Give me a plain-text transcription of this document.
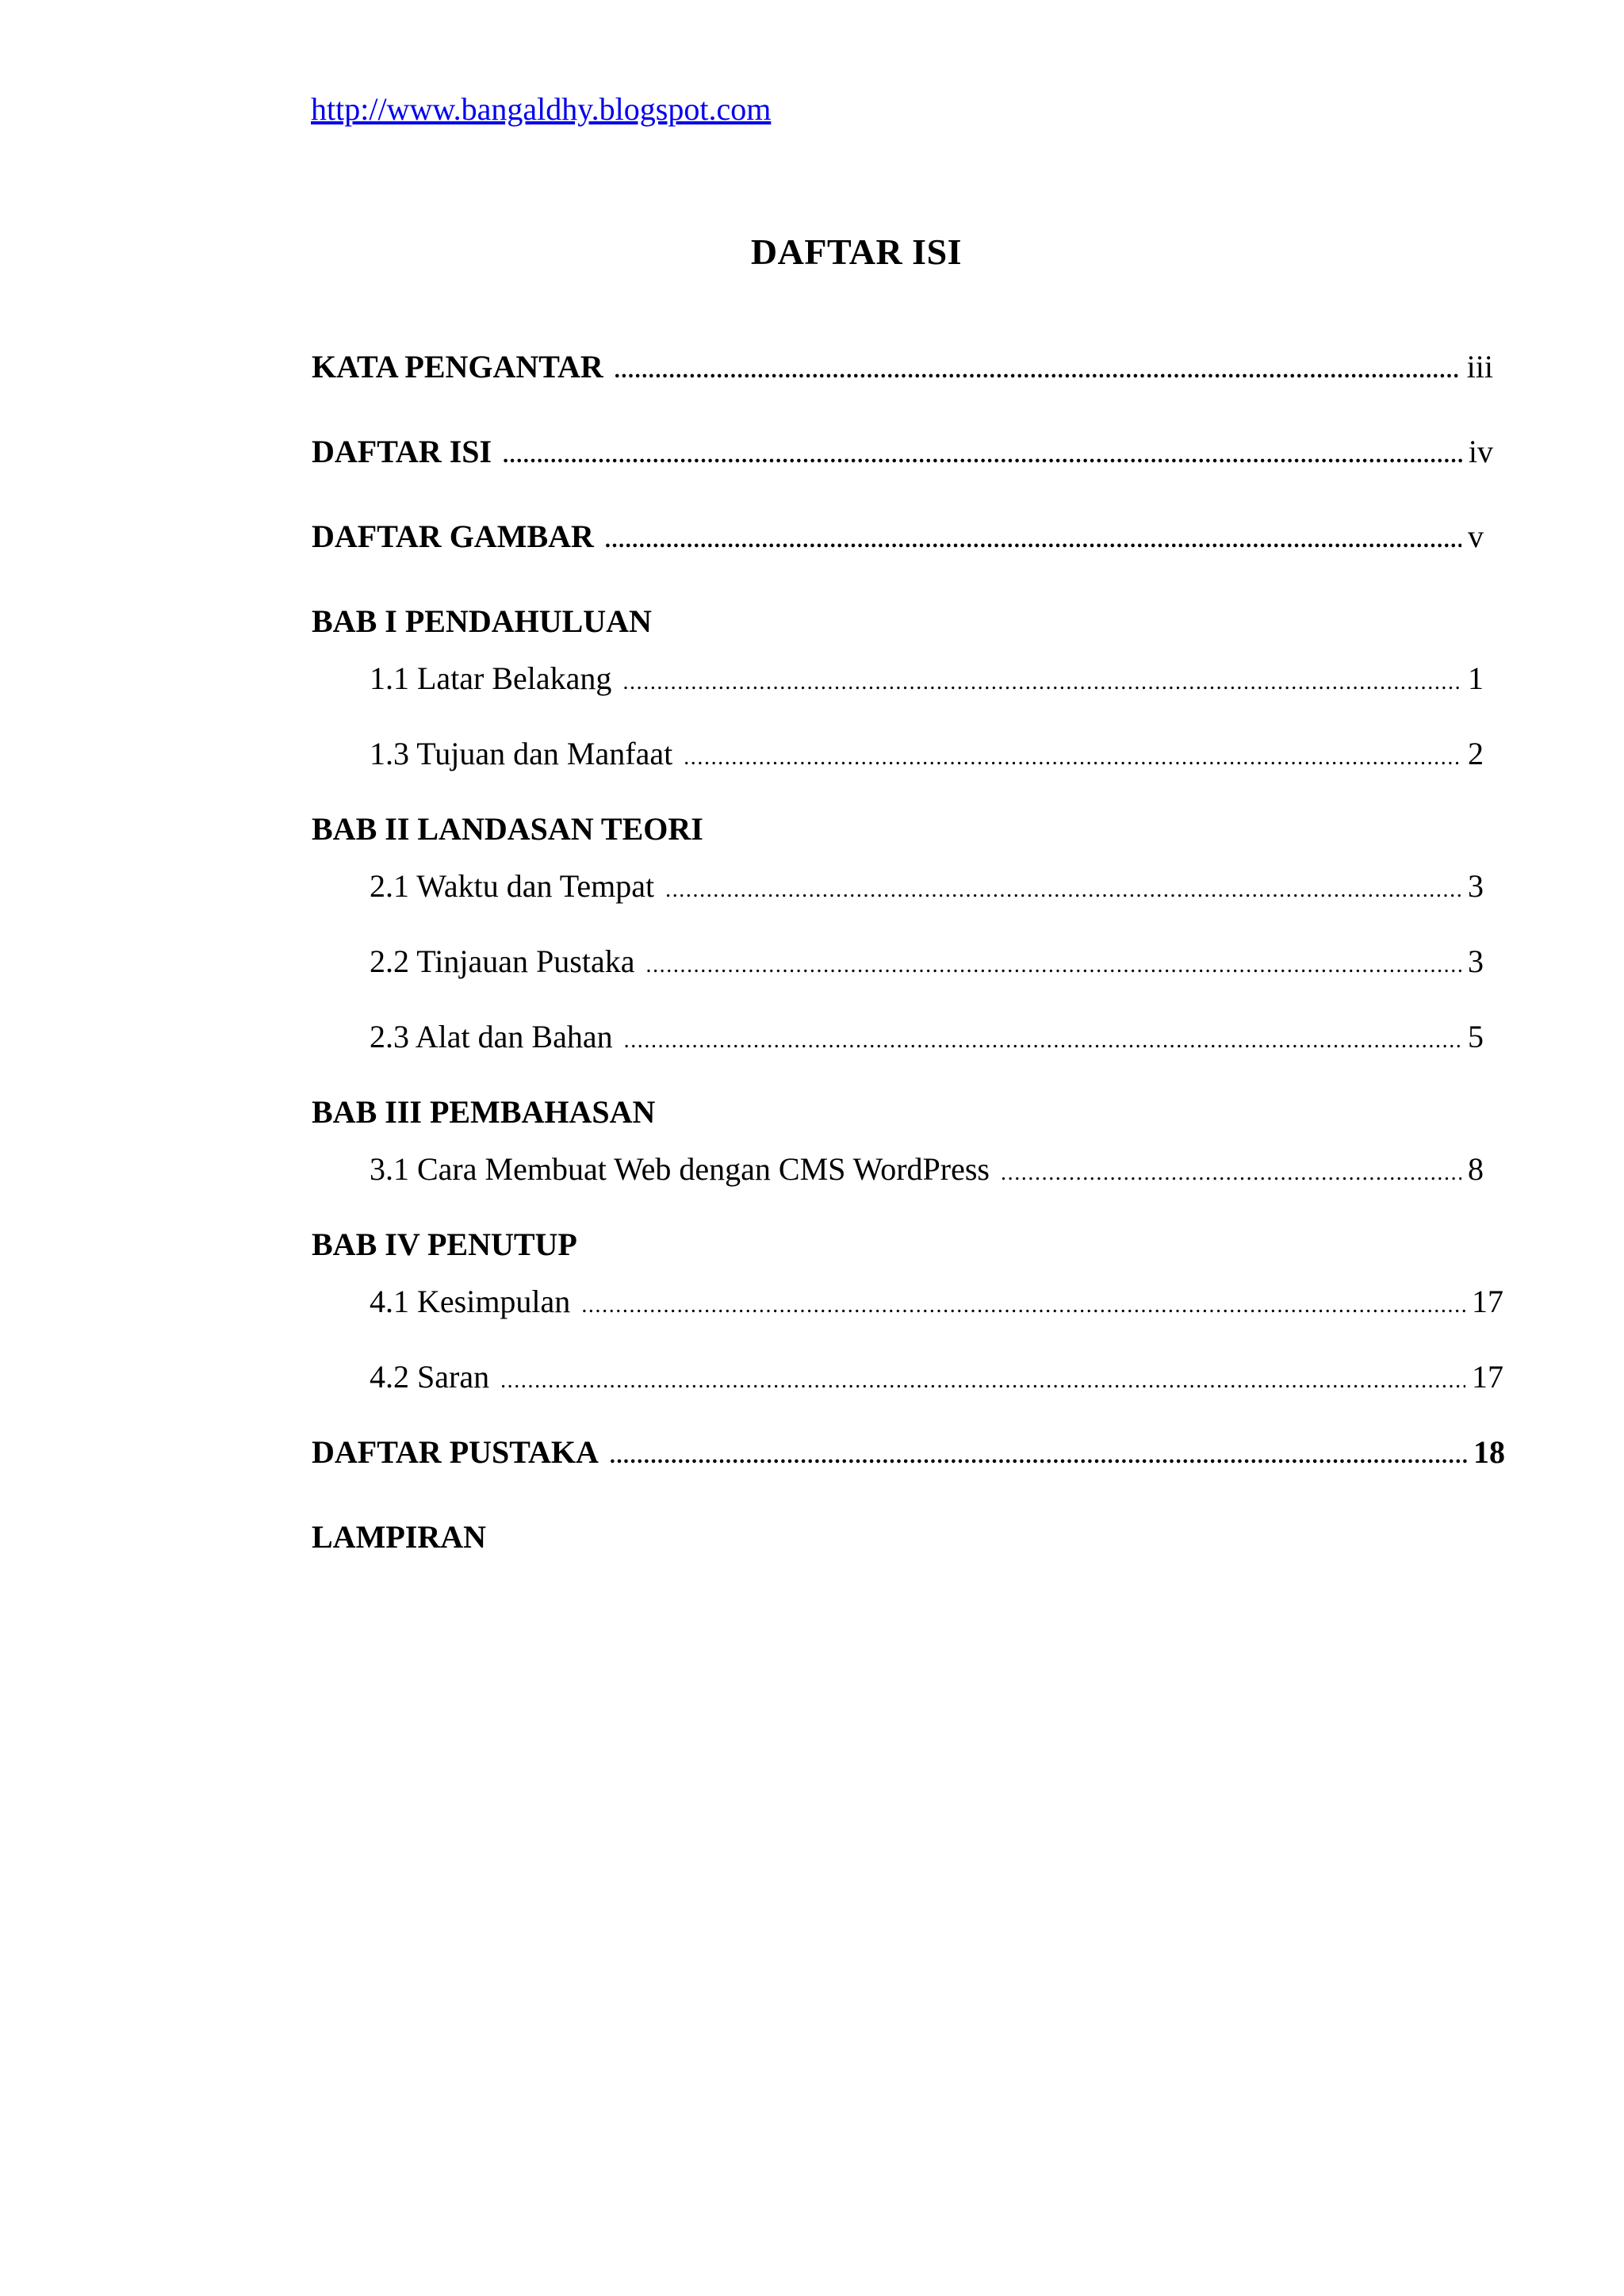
http://www.bangaldhy.blogspot.com
DAFTAR ISI
KATA PENGANTAR .....	iii
DAFTAR ISI .....	iv
DAFTAR GAMBAR .....	v
BAB I PENDAHULUAN
1.1 Latar Belakang .....	1
1.3 Tujuan dan Manfaat .....	2
BAB II LANDASAN TEORI
2.1 Waktu dan Tempat .....	3
2.2 Tinjauan Pustaka .....	3
2.3 Alat dan Bahan .....	5
BAB III PEMBAHASAN
3.1 Cara Membuat Web dengan CMS WordPress .....	8
BAB IV PENUTUP
4.1 Kesimpulan .....	17
4.2 Saran .....	17
DAFTAR PUSTAKA .....	18
LAMPIRAN
